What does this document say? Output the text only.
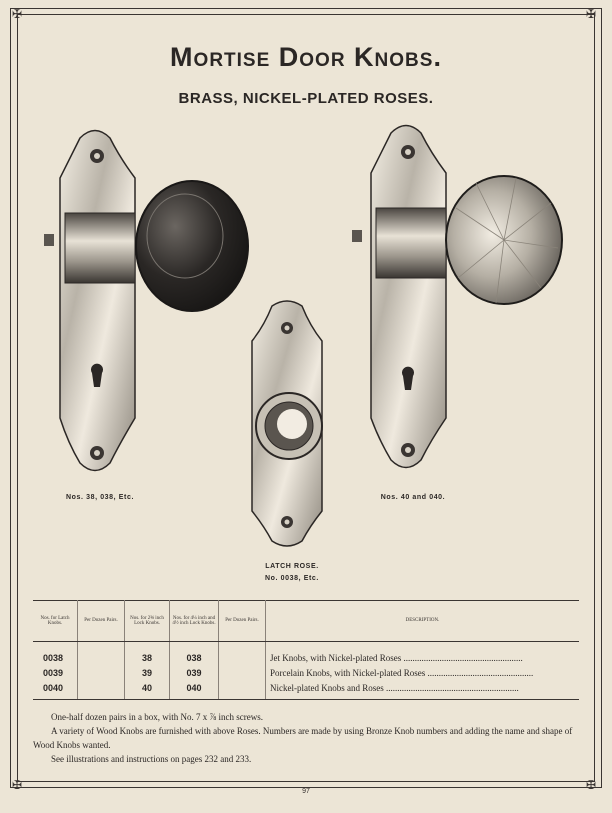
✠	✠
✠	✠
Mortise Door Knobs.
BRASS, NICKEL-PLATED ROSES.
Nos. 38, 038, Etc.
LATCH ROSE.
No. 0038, Etc.
Nos. 40 and 040.
Nos. for Latch Knobs.	Per Dozen Pairs.	Nos. for 2⅝ inch Lock Knobs.	Nos. for 4¼ inch and 4½ inch Lock Knobs.	Per Dozen Pairs.	DESCRIPTION.
0038		38	038		Jet Knobs, with Nickel-plated Roses .....................................................
0039		39	039		Porcelain Knobs, with Nickel-plated Roses ...............................................
0040		40	040		Nickel-plated Knobs and Roses ...........................................................

One-half dozen pairs in a box, with No. 7 x ⅞ inch screws.

A variety of Wood Knobs are furnished with above Roses. Numbers are made by using Bronze Knob numbers and adding the name and shape of Wood Knobs wanted.

See illustrations and instructions on pages 232 and 233.

97
